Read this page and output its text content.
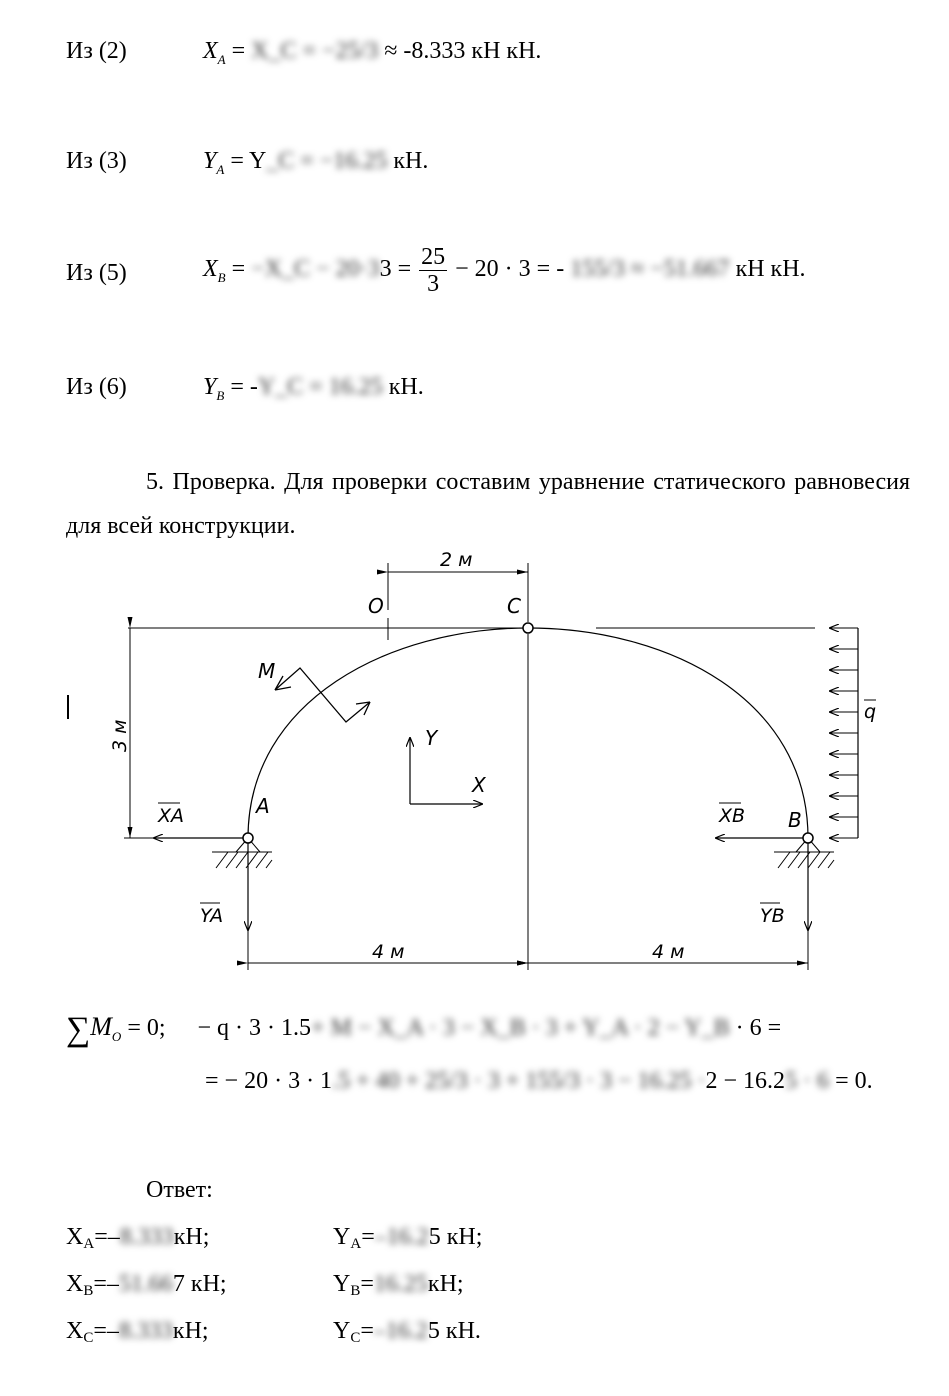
Из (2)	$X_A$ = X_C = −25/3 ≈ -8.333 кН кН.
Из (3)	$Y_A$ = Y_C = −16.25 кН.
Из (5)	$X_B$ = −X_C − $20\cdot 33 = \frac{25}{3} - 20 \cdot 3$ = - 155/3 ≈ −51.667 кН кН.
Из (6)	$Y_B$ = -Y_C = 16.25 кН.
5. Проверка. Для проверки составим уравнение статического равновесия для всей конструкции.
2 м
O	C
M
Y
X
3 м
XA	A
YA
XB B
YB
q
4 м	4 м
$\sum M_O = 0$; − q · 3 · 1.5+ M − X_A · 3 − X_B · 3 + Y_A · 2 − Y_B · 6 =
= − 20 · 3 · 1.5 + 40 + 25/3 · 3 + 155/3 · 3 − 16.25 ·2 − 16.25 · 6 = 0.
Ответ:
XA=–8.333кН;	YA=–16.25 кН;
XB=–51.667 кН;	YB=16.25кН;
XC=–8.333кН;	YC=–16.25 кН.
